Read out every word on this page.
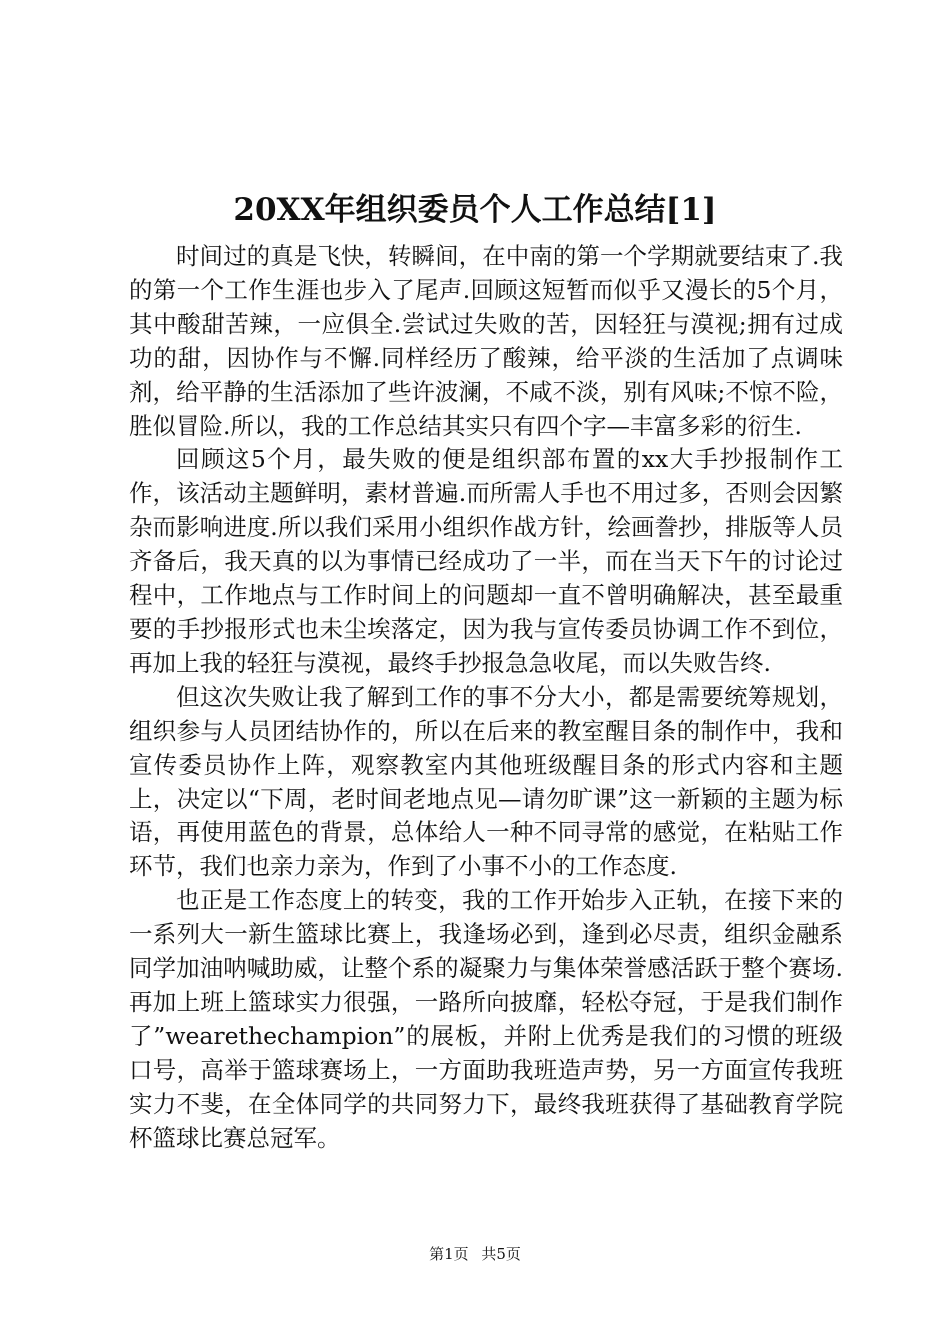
20XX年组织委员个人工作总结[1]

时间过的真是飞快，转瞬间，在中南的第一个学期就要结束了.我的第一个工作生涯也步入了尾声.回顾这短暂而似乎又漫长的5个月，其中酸甜苦辣，一应俱全.尝试过失败的苦，因轻狂与漠视;拥有过成功的甜，因协作与不懈.同样经历了酸辣，给平淡的生活加了点调味剂，给平静的生活添加了些许波澜，不咸不淡，别有风味;不惊不险，胜似冒险.所以，我的工作总结其实只有四个字—丰富多彩的衍生.

回顾这5个月，最失败的便是组织部布置的xx大手抄报制作工作，该活动主题鲜明，素材普遍.而所需人手也不用过多，否则会因繁杂而影响进度.所以我们采用小组织作战方针，绘画誊抄，排版等人员齐备后，我天真的以为事情已经成功了一半，而在当天下午的讨论过程中，工作地点与工作时间上的问题却一直不曾明确解决，甚至最重要的手抄报形式也未尘埃落定，因为我与宣传委员协调工作不到位，再加上我的轻狂与漠视，最终手抄报急急收尾，而以失败告终.

但这次失败让我了解到工作的事不分大小，都是需要统筹规划，组织参与人员团结协作的，所以在后来的教室醒目条的制作中，我和宣传委员协作上阵，观察教室内其他班级醒目条的形式内容和主题上，决定以“下周，老时间老地点见—请勿旷课”这一新颖的主题为标语，再使用蓝色的背景，总体给人一种不同寻常的感觉，在粘贴工作环节，我们也亲力亲为，作到了小事不小的工作态度.

也正是工作态度上的转变，我的工作开始步入正轨，在接下来的一系列大一新生篮球比赛上，我逢场必到，逢到必尽责，组织金融系同学加油呐喊助威，让整个系的凝聚力与集体荣誉感活跃于整个赛场.再加上班上篮球实力很强，一路所向披靡，轻松夺冠，于是我们制作了”wearethechampion”的展板，并附上优秀是我们的习惯的班级口号，高举于篮球赛场上，一方面助我班造声势，另一方面宣传我班实力不斐，在全体同学的共同努力下，最终我班获得了基础教育学院杯篮球比赛总冠军。

第1页 共5页
